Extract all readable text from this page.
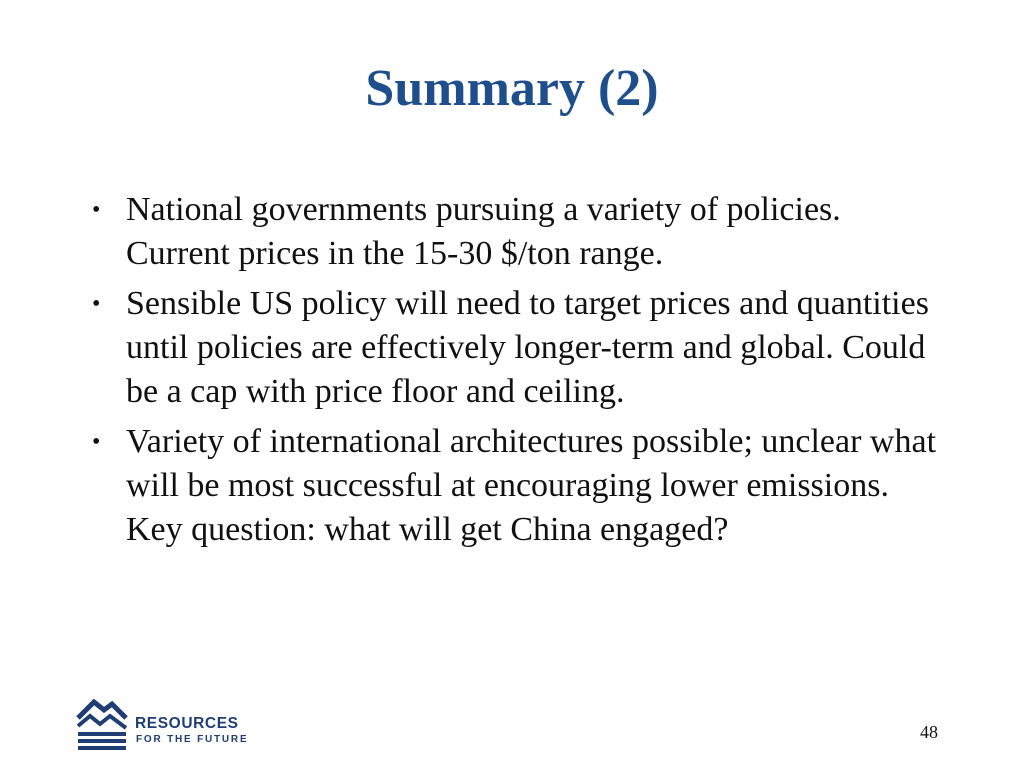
Summary (2)
• National governments pursuing a variety of policies. Current prices in the 15-30 $/ton range.
• Sensible US policy will need to target prices and quantities until policies are effectively longer-term and global. Could be a cap with price floor and ceiling.
• Variety of international architectures possible; unclear what will be most successful at encouraging lower emissions. Key question: what will get China engaged?
RESOURCES
FOR THE FUTURE	48
